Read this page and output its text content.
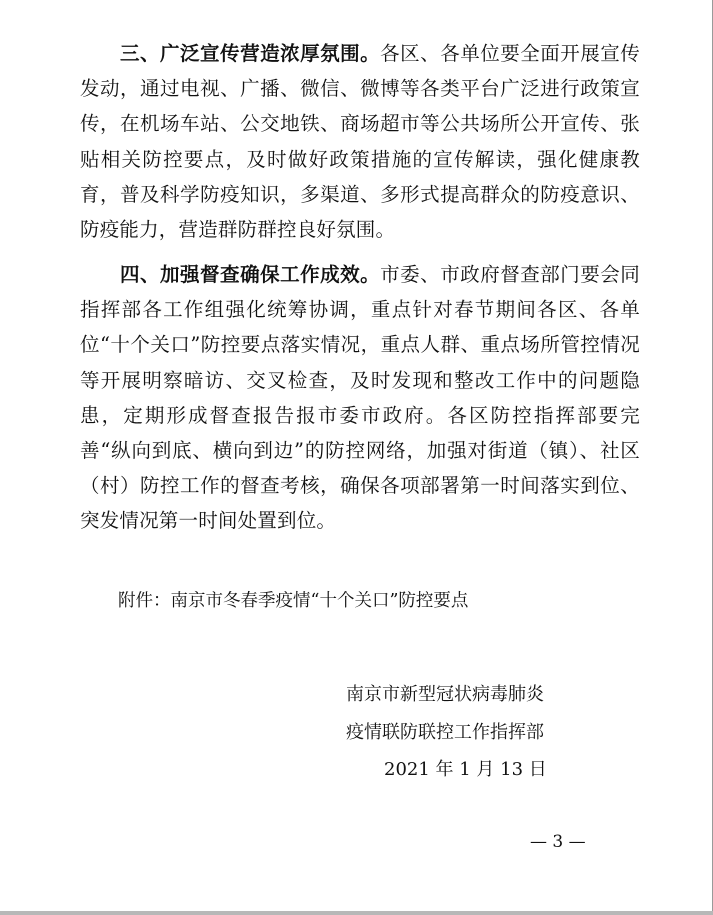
三、广泛宣传营造浓厚氛围。各区、各单位要全面开展宣传发动，通过电视、广播、微信、微博等各类平台广泛进行政策宣传，在机场车站、公交地铁、商场超市等公共场所公开宣传、张贴相关防控要点，及时做好政策措施的宣传解读，强化健康教育，普及科学防疫知识，多渠道、多形式提高群众的防疫意识、防疫能力，营造群防群控良好氛围。

四、加强督查确保工作成效。市委、市政府督查部门要会同指挥部各工作组强化统筹协调，重点针对春节期间各区、各单位“十个关口”防控要点落实情况，重点人群、重点场所管控情况等开展明察暗访、交叉检查，及时发现和整改工作中的问题隐患，定期形成督查报告报市委市政府。各区防控指挥部要完善“纵向到底、横向到边”的防控网络，加强对街道（镇）、社区（村）防控工作的督查考核，确保各项部署第一时间落实到位、突发情况第一时间处置到位。

附件：南京市冬春季疫情“十个关口”防控要点
南京市新型冠状病毒肺炎
疫情联防联控工作指挥部
2021 年 1 月 13 日
— 3 —
